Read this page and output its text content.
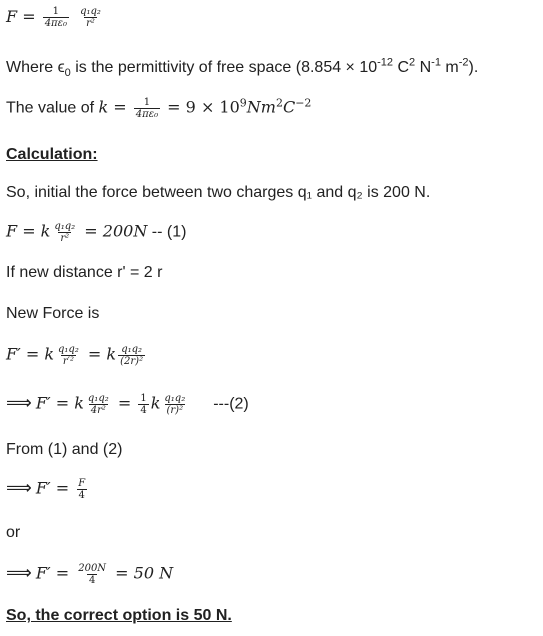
$F = \frac{1}{\text{4πε₀}}$
$\frac{\text{q₁q₂}}{\text{r²}}$
Where $\epsilon_0$ is the permittivity of free space ($8.854 \times 10^{-12}$ $C^2$ $N^{-1}$ $m^{-2}$).
The value of $k = \frac{1}{\text{4πε₀}} = 9 \times 10^9Nm^2C^{-2}$
Calculation:
So, initial the force between two charges q₁ and q₂ is 200 N.
F = k $\frac{\text{q₁q₂}}{\text{r²}} = 200N -- (1)$
If new distance r' = 2 r
New Force is
F′ = k $\frac{\text{q₁q₂}}{\text{r′²}} = k \frac{\text{q₁q₂}}{\text{(2r)²}}$
⟹ F′ = k $\frac{\text{q₁q₂}}{\text{4r²}} = \frac{1}{4}$ k $\frac{\text{q₁q₂}}{\text{(r)²}} ---(2)$
From (1) and (2)
⟹ $F' = \frac{F}{4}$
or
⟹ $F' = \frac{200N}{4} = 50$ N
So, the correct option is 50 N.
